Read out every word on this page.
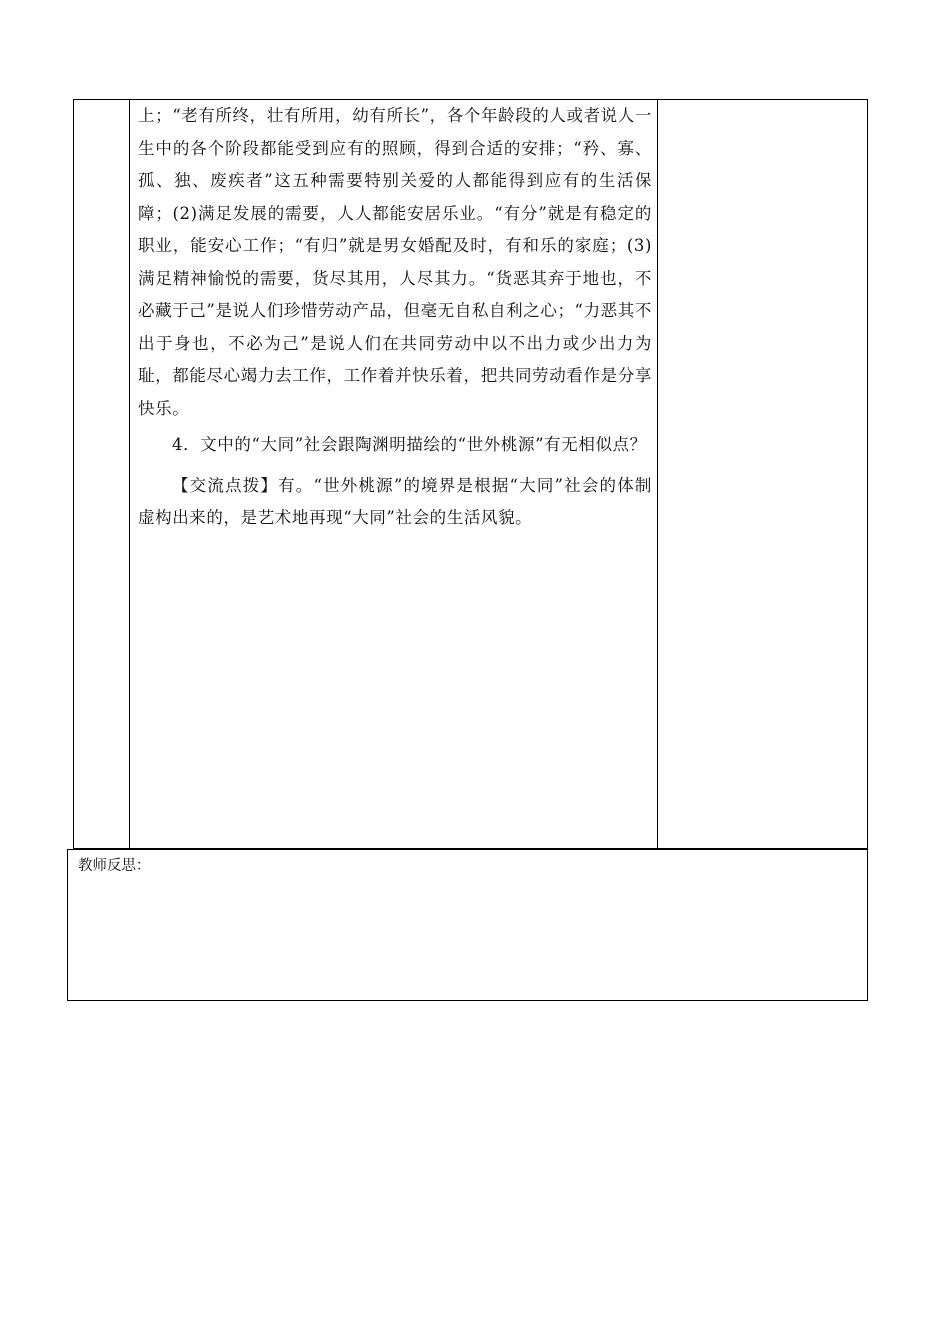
上；“老有所终，壮有所用，幼有所长”，各个年龄段的人或者说人一生中的各个阶段都能受到应有的照顾，得到合适的安排；“矜、寡、孤、独、废疾者”这五种需要特别关爱的人都能得到应有的生活保障；(2)满足发展的需要，人人都能安居乐业。“有分”就是有稳定的职业，能安心工作；“有归”就是男女婚配及时，有和乐的家庭；(3)满足精神愉悦的需要，货尽其用，人尽其力。“货恶其弃于地也，不必藏于己”是说人们珍惜劳动产品，但毫无自私自利之心；“力恶其不出于身也，不必为己”是说人们在共同劳动中以不出力或少出力为耻，都能尽心竭力去工作，工作着并快乐着，把共同劳动看作是分享快乐。

4．文中的“大同”社会跟陶渊明描绘的“世外桃源”有无相似点？

【交流点拨】有。“世外桃源”的境界是根据“大同”社会的体制虚构出来的，是艺术地再现“大同”社会的生活风貌。

教师反思：
